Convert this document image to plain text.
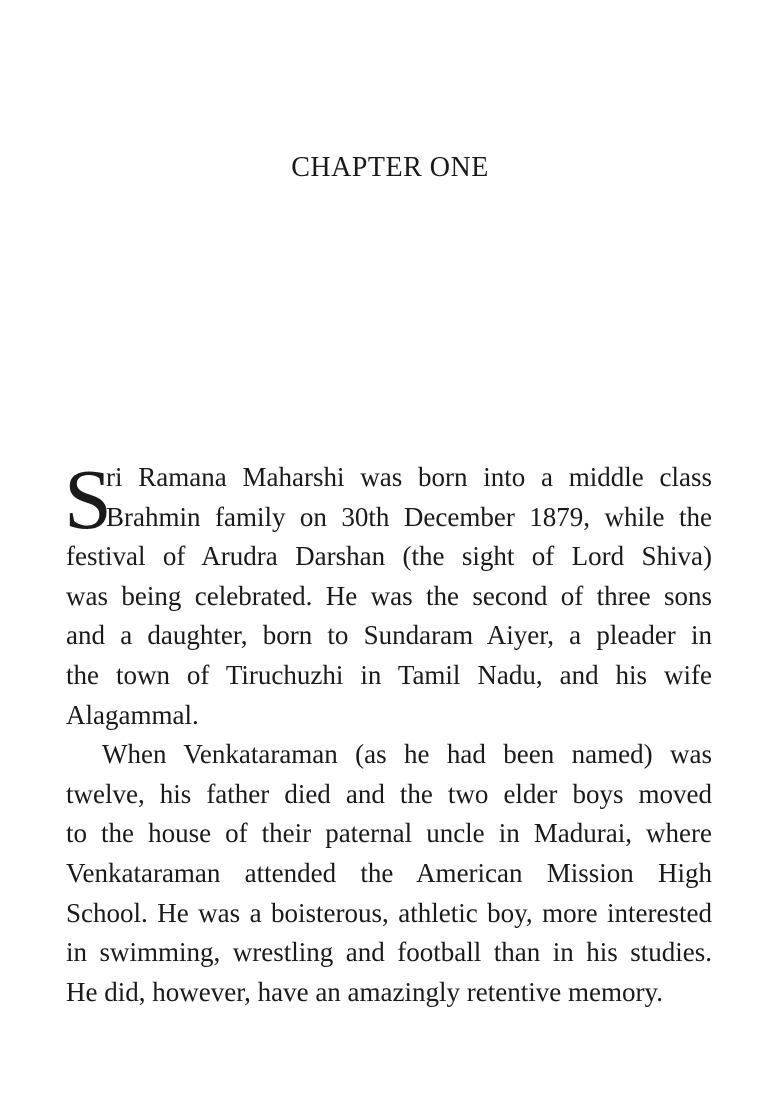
CHAPTER ONE
S
ri Ramana Maharshi was born into a middle class
Brahmin family on 30th December 1879, while the
festival of Arudra Darshan (the sight of Lord Shiva)
was being celebrated. He was the second of three sons
and a daughter, born to Sundaram Aiyer, a pleader in
the town of Tiruchuzhi in Tamil Nadu, and his wife
Alagammal.
When Venkataraman (as he had been named) was
twelve, his father died and the two elder boys moved
to the house of their paternal uncle in Madurai, where
Venkataraman attended the American Mission High
School. He was a boisterous, athletic boy, more interested
in swimming, wrestling and football than in his studies.
He did, however, have an amazingly retentive memory.
